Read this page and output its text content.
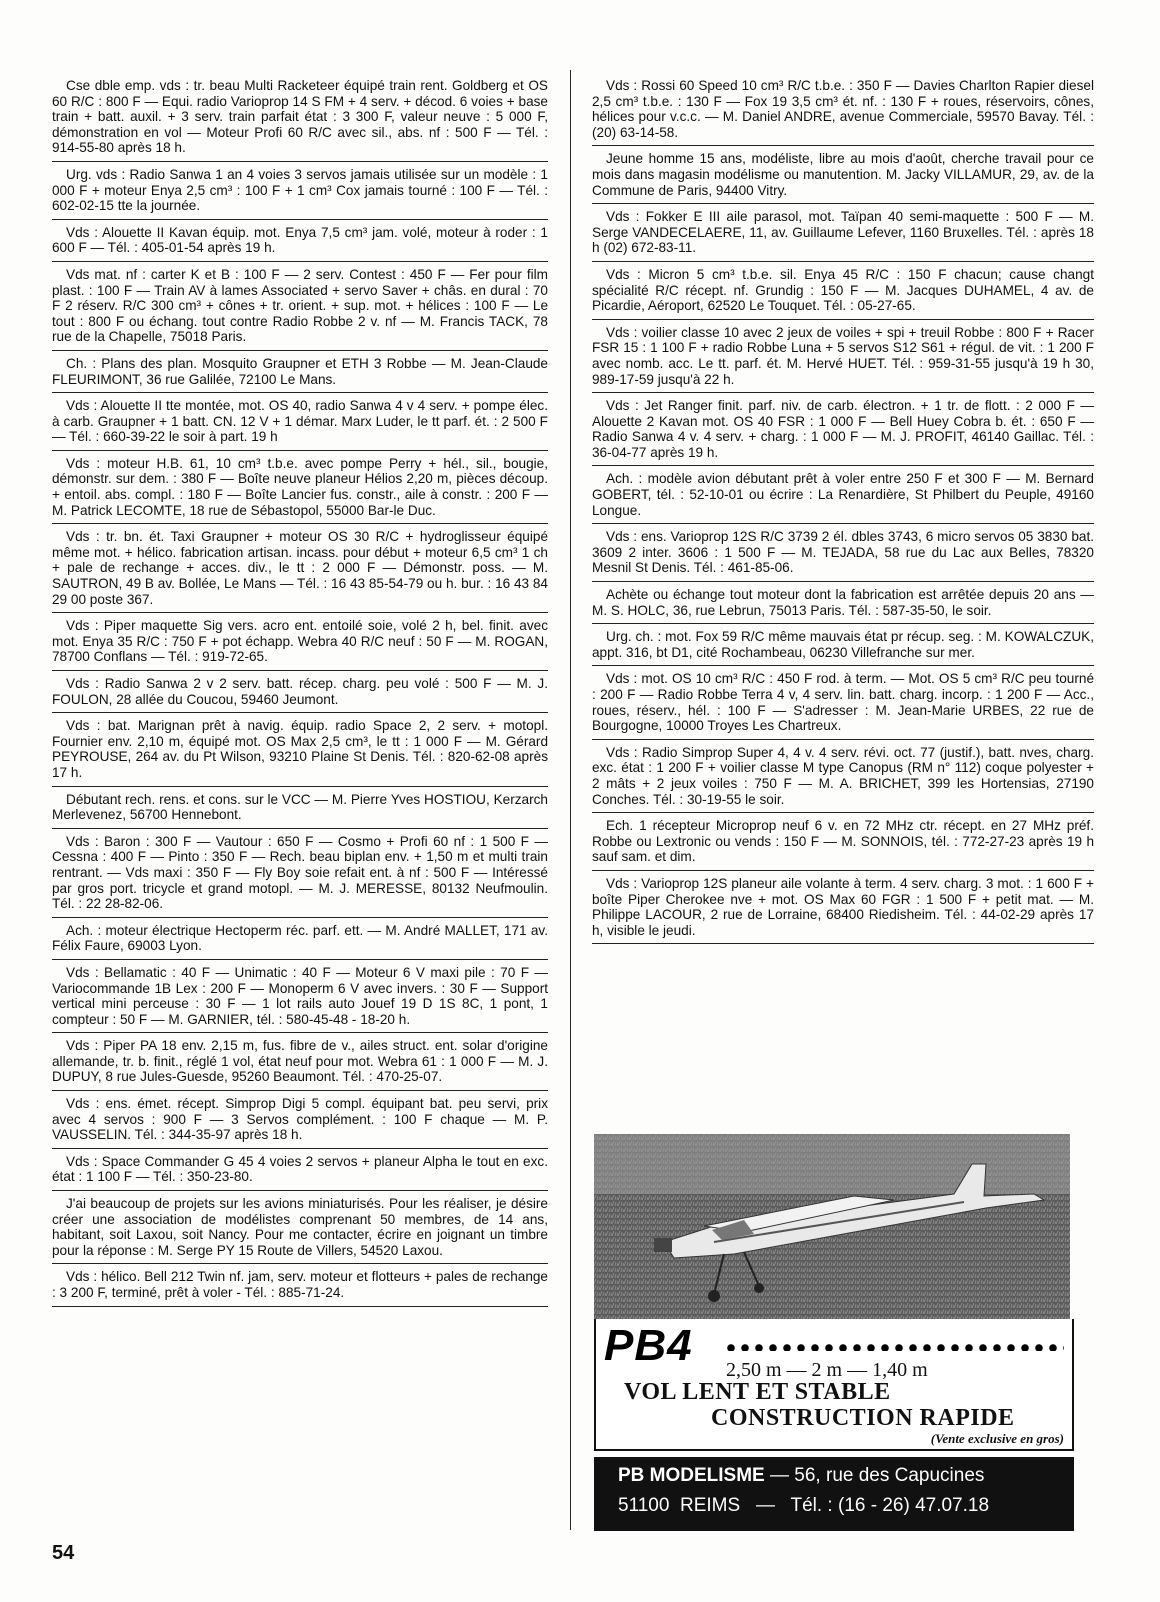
Cse dble emp. vds : tr. beau Multi Racketeer équipé train rent. Goldberg et OS 60 R/C : 800 F — Equi. radio Varioprop 14 S FM + 4 serv. + décod. 6 voies + base train + batt. auxil. + 3 serv. train parfait état : 3 300 F, valeur neuve : 5 000 F, démonstration en vol — Moteur Profi 60 R/C avec sil., abs. nf : 500 F — Tél. : 914-55-80 après 18 h.

Urg. vds : Radio Sanwa 1 an 4 voies 3 servos jamais utilisée sur un modèle : 1 000 F + moteur Enya 2,5 cm³ : 100 F + 1 cm³ Cox jamais tourné : 100 F — Tél. : 602-02-15 tte la journée.

Vds : Alouette II Kavan équip. mot. Enya 7,5 cm³ jam. volé, moteur à roder : 1 600 F — Tél. : 405-01-54 après 19 h.

Vds mat. nf : carter K et B : 100 F — 2 serv. Contest : 450 F — Fer pour film plast. : 100 F — Train AV à lames Associated + servo Saver + châs. en dural : 70 F 2 réserv. R/C 300 cm³ + cônes + tr. orient. + sup. mot. + hélices : 100 F — Le tout : 800 F ou échang. tout contre Radio Robbe 2 v. nf — M. Francis TACK, 78 rue de la Chapelle, 75018 Paris.

Ch. : Plans des plan. Mosquito Graupner et ETH 3 Robbe — M. Jean-Claude FLEURIMONT, 36 rue Galilée, 72100 Le Mans.

Vds : Alouette II tte montée, mot. OS 40, radio Sanwa 4 v 4 serv. + pompe élec. à carb. Graupner + 1 batt. CN. 12 V + 1 démar. Marx Luder, le tt parf. ét. : 2 500 F — Tél. : 660-39-22 le soir à part. 19 h

Vds : moteur H.B. 61, 10 cm³ t.b.e. avec pompe Perry + hél., sil., bougie, démonstr. sur dem. : 380 F — Boîte neuve planeur Hélios 2,20 m, pièces découp. + entoil. abs. compl. : 180 F — Boîte Lancier fus. constr., aile à constr. : 200 F — M. Patrick LECOMTE, 18 rue de Sébastopol, 55000 Bar-le Duc.

Vds : tr. bn. ét. Taxi Graupner + moteur OS 30 R/C + hydroglisseur équipé même mot. + hélico. fabrication artisan. incass. pour début + moteur 6,5 cm³ 1 ch + pale de rechange + acces. div., le tt : 2 000 F — Démonstr. poss. — M. SAUTRON, 49 B av. Bollée, Le Mans — Tél. : 16 43 85-54-79 ou h. bur. : 16 43 84 29 00 poste 367.

Vds : Piper maquette Sig vers. acro ent. entoilé soie, volé 2 h, bel. finit. avec mot. Enya 35 R/C : 750 F + pot échapp. Webra 40 R/C neuf : 50 F — M. ROGAN, 78700 Conflans — Tél. : 919-72-65.

Vds : Radio Sanwa 2 v 2 serv. batt. récep. charg. peu volé : 500 F — M. J. FOULON, 28 allée du Coucou, 59460 Jeumont.

Vds : bat. Marignan prêt à navig. équip. radio Space 2, 2 serv. + motopl. Fournier env. 2,10 m, équipé mot. OS Max 2,5 cm³, le tt : 1 000 F — M. Gérard PEYROUSE, 264 av. du Pt Wilson, 93210 Plaine St Denis. Tél. : 820-62-08 après 17 h.

Débutant rech. rens. et cons. sur le VCC — M. Pierre Yves HOSTIOU, Kerzarch Merlevenez, 56700 Hennebont.

Vds : Baron : 300 F — Vautour : 650 F — Cosmo + Profi 60 nf : 1 500 F — Cessna : 400 F — Pinto : 350 F — Rech. beau biplan env. + 1,50 m et multi train rentrant. — Vds maxi : 350 F — Fly Boy soie refait ent. à nf : 500 F — Intéressé par gros port. tricycle et grand motopl. — M. J. MERESSE, 80132 Neufmoulin. Tél. : 22 28-82-06.

Ach. : moteur électrique Hectoperm réc. parf. ett. — M. André MALLET, 171 av. Félix Faure, 69003 Lyon.

Vds : Bellamatic : 40 F — Unimatic : 40 F — Moteur 6 V maxi pile : 70 F — Variocommande 1B Lex : 200 F — Monoperm 6 V avec invers. : 30 F — Support vertical mini perceuse : 30 F — 1 lot rails auto Jouef 19 D 1S 8C, 1 pont, 1 compteur : 50 F — M. GARNIER, tél. : 580-45-48 - 18-20 h.

Vds : Piper PA 18 env. 2,15 m, fus. fibre de v., ailes struct. ent. solar d'origine allemande, tr. b. finit., réglé 1 vol, état neuf pour mot. Webra 61 : 1 000 F — M. J. DUPUY, 8 rue Jules-Guesde, 95260 Beaumont. Tél. : 470-25-07.

Vds : ens. émet. récept. Simprop Digi 5 compl. équipant bat. peu servi, prix avec 4 servos : 900 F — 3 Servos complément. : 100 F chaque — M. P. VAUSSELIN. Tél. : 344-35-97 après 18 h.

Vds : Space Commander G 45 4 voies 2 servos + planeur Alpha le tout en exc. état : 1 100 F — Tél. : 350-23-80.

J'ai beaucoup de projets sur les avions miniaturisés. Pour les réaliser, je désire créer une association de modélistes comprenant 50 membres, de 14 ans, habitant, soit Laxou, soit Nancy. Pour me contacter, écrire en joignant un timbre pour la réponse : M. Serge PY 15 Route de Villers, 54520 Laxou.

Vds : hélico. Bell 212 Twin nf. jam, serv. moteur et flotteurs + pales de rechange : 3 200 F, terminé, prêt à voler - Tél. : 885-71-24.

Vds : Rossi 60 Speed 10 cm³ R/C t.b.e. : 350 F — Davies Charlton Rapier diesel 2,5 cm³ t.b.e. : 130 F — Fox 19 3,5 cm³ ét. nf. : 130 F + roues, réservoirs, cônes, hélices pour v.c.c. — M. Daniel ANDRE, avenue Commerciale, 59570 Bavay. Tél. : (20) 63-14-58.

Jeune homme 15 ans, modéliste, libre au mois d'août, cherche travail pour ce mois dans magasin modélisme ou manutention. M. Jacky VILLAMUR, 29, av. de la Commune de Paris, 94400 Vitry.

Vds : Fokker E III aile parasol, mot. Taïpan 40 semi-maquette : 500 F — M. Serge VANDECELAERE, 11, av. Guillaume Lefever, 1160 Bruxelles. Tél. : après 18 h (02) 672-83-11.

Vds : Micron 5 cm³ t.b.e. sil. Enya 45 R/C : 150 F chacun; cause changt spécialité R/C récept. nf. Grundig : 150 F — M. Jacques DUHAMEL, 4 av. de Picardie, Aéroport, 62520 Le Touquet. Tél. : 05-27-65.

Vds : voilier classe 10 avec 2 jeux de voiles + spi + treuil Robbe : 800 F + Racer FSR 15 : 1 100 F + radio Robbe Luna + 5 servos S12 S61 + régul. de vit. : 1 200 F avec nomb. acc. Le tt. parf. ét. M. Hervé HUET. Tél. : 959-31-55 jusqu'à 19 h 30, 989-17-59 jusqu'à 22 h.

Vds : Jet Ranger finit. parf. niv. de carb. électron. + 1 tr. de flott. : 2 000 F — Alouette 2 Kavan mot. OS 40 FSR : 1 000 F — Bell Huey Cobra b. ét. : 650 F — Radio Sanwa 4 v. 4 serv. + charg. : 1 000 F — M. J. PROFIT, 46140 Gaillac. Tél. : 36-04-77 après 19 h.

Ach. : modèle avion débutant prêt à voler entre 250 F et 300 F — M. Bernard GOBERT, tél. : 52-10-01 ou écrire : La Renardière, St Philbert du Peuple, 49160 Longue.

Vds : ens. Varioprop 12S R/C 3739 2 él. dbles 3743, 6 micro servos 05 3830 bat. 3609 2 inter. 3606 : 1 500 F — M. TEJADA, 58 rue du Lac aux Belles, 78320 Mesnil St Denis. Tél. : 461-85-06.

Achète ou échange tout moteur dont la fabrication est arrêtée depuis 20 ans — M. S. HOLC, 36, rue Lebrun, 75013 Paris. Tél. : 587-35-50, le soir.

Urg. ch. : mot. Fox 59 R/C même mauvais état pr récup. seg. : M. KOWALCZUK, appt. 316, bt D1, cité Rochambeau, 06230 Villefranche sur mer.

Vds : mot. OS 10 cm³ R/C : 450 F rod. à term. — Mot. OS 5 cm³ R/C peu tourné : 200 F — Radio Robbe Terra 4 v, 4 serv. lin. batt. charg. incorp. : 1 200 F — Acc., roues, réserv., hél. : 100 F — S'adresser : M. Jean-Marie URBES, 22 rue de Bourgogne, 10000 Troyes Les Chartreux.

Vds : Radio Simprop Super 4, 4 v. 4 serv. révi. oct. 77 (justif.), batt. nves, charg. exc. état : 1 200 F + voilier classe M type Canopus (RM n° 112) coque polyester + 2 mâts + 2 jeux voiles : 750 F — M. A. BRICHET, 399 les Hortensias, 27190 Conches. Tél. : 30-19-55 le soir.

Ech. 1 récepteur Microprop neuf 6 v. en 72 MHz ctr. récept. en 27 MHz préf. Robbe ou Lextronic ou vends : 150 F — M. SONNOIS, tél. : 772-27-23 après 19 h sauf sam. et dim.

Vds : Varioprop 12S planeur aile volante à term. 4 serv. charg. 3 mot. : 1 600 F + boîte Piper Cherokee nve + mot. OS Max 60 FGR : 1 500 F + petit mat. — M. Philippe LACOUR, 2 rue de Lorraine, 68400 Riedisheim. Tél. : 44-02-29 après 17 h, visible le jeudi.

PB4 2,50 m — 2 m — 1,40 m
VOL LENT ET STABLE
CONSTRUCTION RAPIDE
(Vente exclusive en gros)
PB MODELISME — 56, rue des Capucines
51100  REIMS   —   Tél. : (16 - 26) 47.07.18
54
